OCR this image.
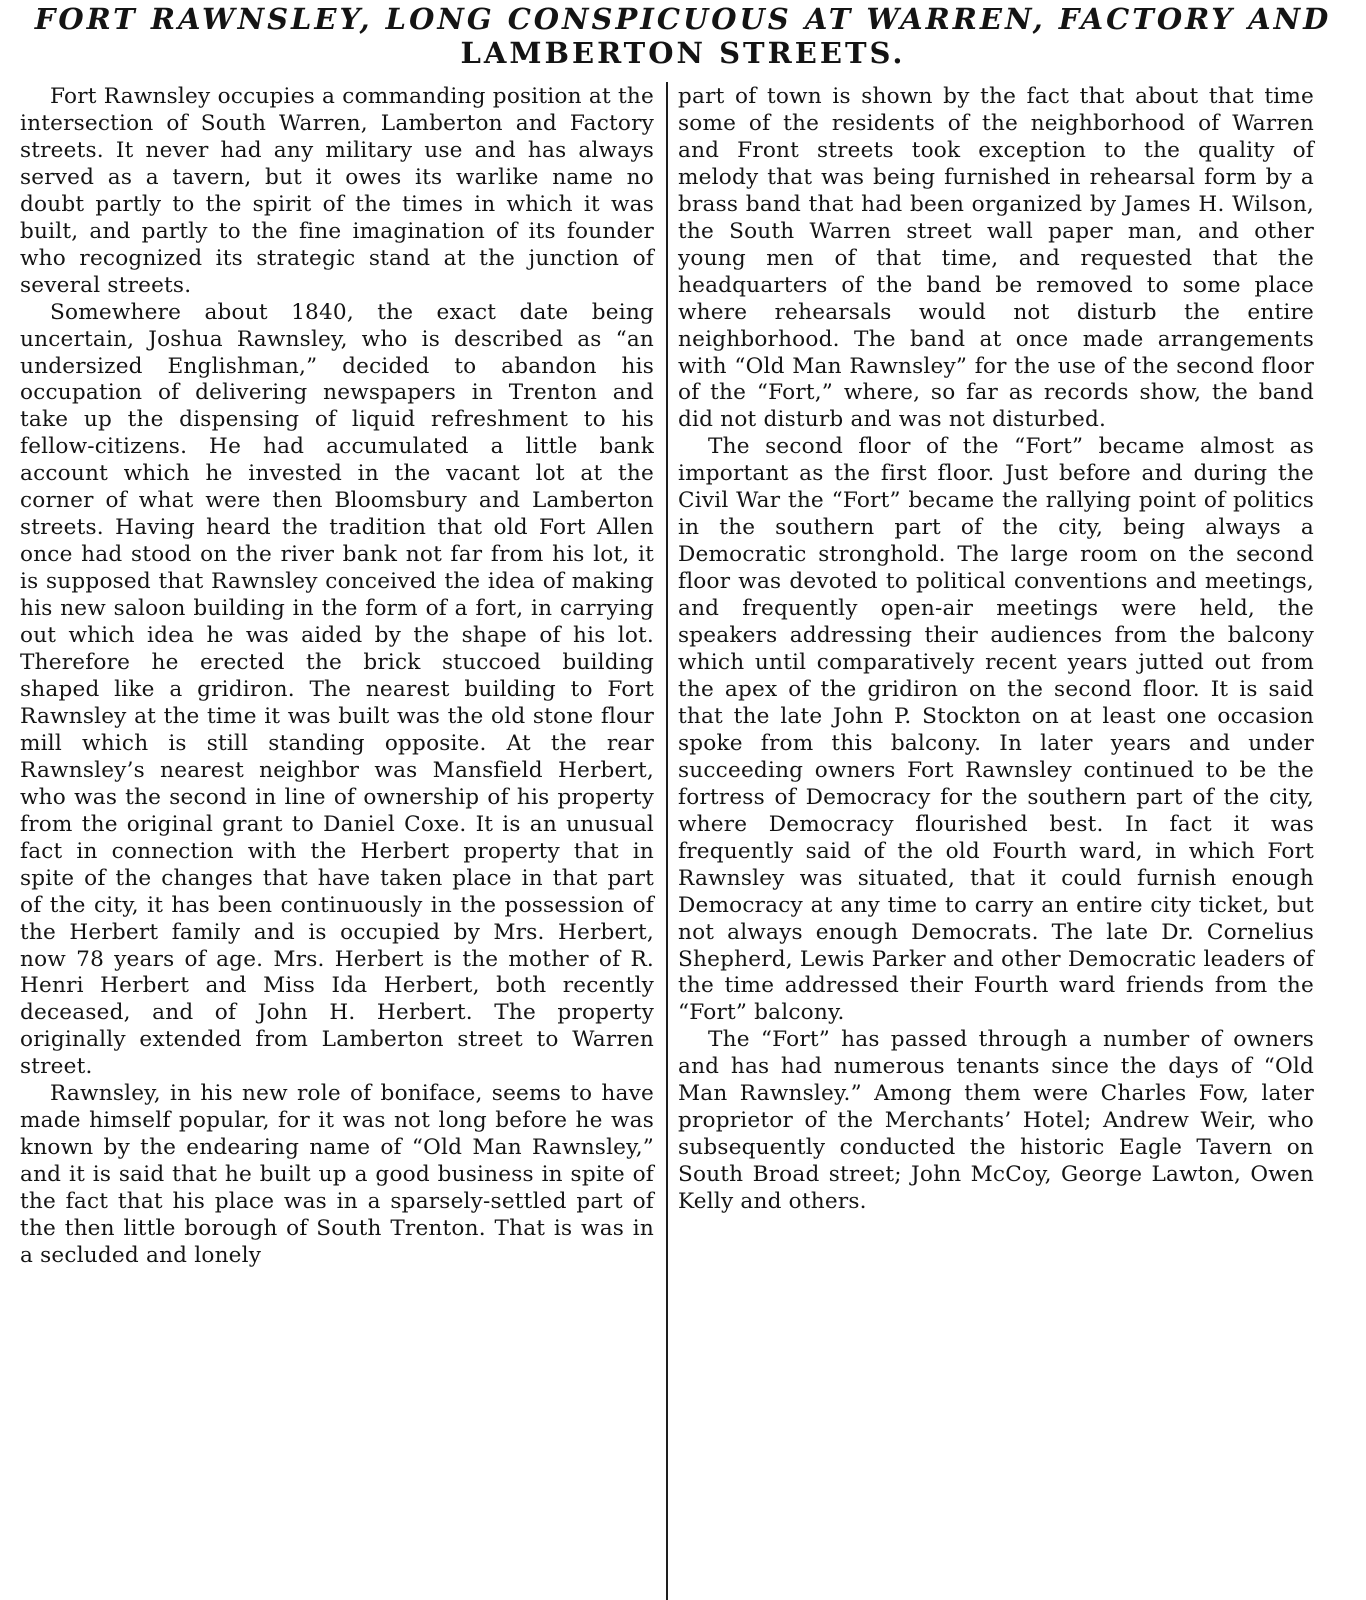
FORT RAWNSLEY, LONG CONSPICUOUS AT WARREN, FACTORY AND
LAMBERTON STREETS.

Fort Rawnsley occupies a commanding position at the intersection of South Warren, Lamberton and Factory streets. It never had any military use and has always served as a tavern, but it owes its warlike name no doubt partly to the spirit of the times in which it was built, and partly to the fine imagination of its founder who recognized its strategic stand at the junction of several streets.

Somewhere about 1840, the exact date being uncertain, Joshua Rawnsley, who is described as “an undersized Englishman,” decided to abandon his occupation of delivering newspapers in Trenton and take up the dispensing of liquid refreshment to his fellow-citizens. He had accumulated a little bank account which he invested in the vacant lot at the corner of what were then Bloomsbury and Lamberton streets. Having heard the tradition that old Fort Allen once had stood on the river bank not far from his lot, it is supposed that Rawnsley conceived the idea of making his new saloon building in the form of a fort, in carrying out which idea he was aided by the shape of his lot. Therefore he erected the brick stuccoed building shaped like a gridiron. The nearest building to Fort Rawnsley at the time it was built was the old stone flour mill which is still standing opposite. At the rear Rawnsley’s nearest neighbor was Mansfield Herbert, who was the second in line of ownership of his property from the original grant to Daniel Coxe. It is an unusual fact in connection with the Herbert property that in spite of the changes that have taken place in that part of the city, it has been continuously in the possession of the Herbert family and is occupied by Mrs. Herbert, now 78 years of age. Mrs. Herbert is the mother of R. Henri Herbert and Miss Ida Herbert, both recently deceased, and of John H. Herbert. The property originally extended from Lamberton street to Warren street.

Rawnsley, in his new role of boniface, seems to have made himself popular, for it was not long before he was known by the endearing name of “Old Man Rawnsley,” and it is said that he built up a good business in spite of the fact that his place was in a sparsely-settled part of the then little borough of South Trenton. That is was in a secluded and lonely

part of town is shown by the fact that about that time some of the residents of the neighborhood of Warren and Front streets took exception to the quality of melody that was being furnished in rehearsal form by a brass band that had been organized by James H. Wilson, the South Warren street wall paper man, and other young men of that time, and requested that the headquarters of the band be removed to some place where rehearsals would not disturb the entire neighborhood. The band at once made arrangements with “Old Man Rawnsley” for the use of the second floor of the “Fort,” where, so far as records show, the band did not disturb and was not disturbed.

The second floor of the “Fort” became almost as important as the first floor. Just before and during the Civil War the “Fort” became the rallying point of politics in the southern part of the city, being always a Democratic stronghold. The large room on the second floor was devoted to political conventions and meetings, and frequently open-air meetings were held, the speakers addressing their audiences from the balcony which until comparatively recent years jutted out from the apex of the gridiron on the second floor. It is said that the late John P. Stockton on at least one occasion spoke from this balcony. In later years and under succeeding owners Fort Rawnsley continued to be the fortress of Democracy for the southern part of the city, where Democracy flourished best. In fact it was frequently said of the old Fourth ward, in which Fort Rawnsley was situated, that it could furnish enough Democracy at any time to carry an entire city ticket, but not always enough Democrats. The late Dr. Cornelius Shepherd, Lewis Parker and other Democratic leaders of the time addressed their Fourth ward friends from the “Fort” balcony.

The “Fort” has passed through a number of owners and has had numerous tenants since the days of “Old Man Rawnsley.” Among them were Charles Fow, later proprietor of the Merchants’ Hotel; Andrew Weir, who subsequently conducted the historic Eagle Tavern on South Broad street; John McCoy, George Lawton, Owen Kelly and others.
